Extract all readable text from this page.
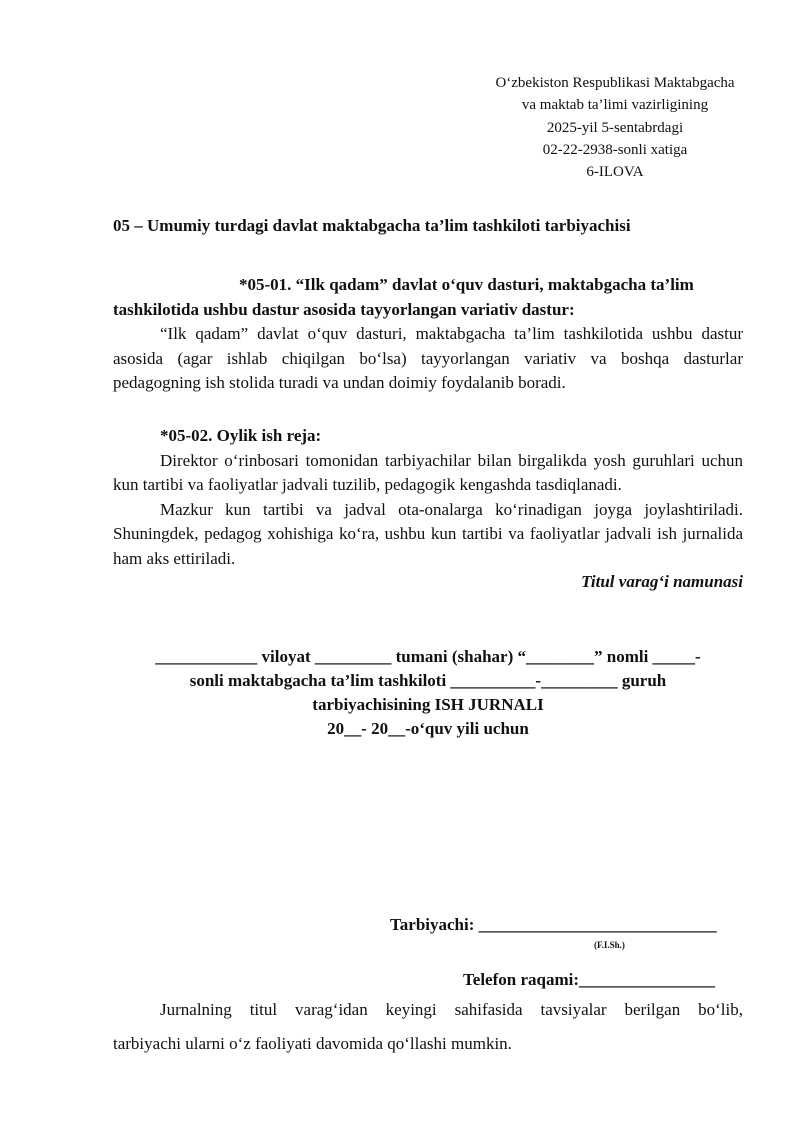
O‘zbekiston Respublikasi Maktabgacha
va maktab ta’limi vazirligining
2025-yil 5-sentabrdagi
02-22-2938-sonli xatiga
6-ILOVA
05 – Umumiy turdagi davlat maktabgacha ta’lim tashkiloti tarbiyachisi
*05-01. “Ilk qadam” davlat o‘quv dasturi, maktabgacha ta’lim
tashkilotida ushbu dastur asosida tayyorlangan variativ dastur:
“Ilk qadam” davlat o‘quv dasturi, maktabgacha ta’lim tashkilotida ushbu dastur asosida (agar ishlab chiqilgan bo‘lsa) tayyorlangan variativ va boshqa dasturlar pedagogning ish stolida turadi va undan doimiy foydalanib boradi.
*05-02. Oylik ish reja:
Direktor o‘rinbosari tomonidan tarbiyachilar bilan birgalikda yosh guruhlari uchun kun tartibi va faoliyatlar jadvali tuzilib, pedagogik kengashda tasdiqlanadi.
Mazkur kun tartibi va jadval ota-onalarga ko‘rinadigan joyga joylashtiriladi. Shuningdek, pedagog xohishiga ko‘ra, ushbu kun tartibi va faoliyatlar jadvali ish jurnalida ham aks ettiriladi.
Titul varag‘i namunasi
____________ viloyat _________ tumani (shahar) “________” nomli _____-
sonli maktabgacha ta’lim tashkiloti __________-_________ guruh
tarbiyachisining ISH JURNALI
20__- 20__-o‘quv yili uchun
Tarbiyachi: ____________________________
(F.I.Sh.)
Telefon raqami:________________
Jurnalning titul varag‘idan keyingi sahifasida tavsiyalar berilgan bo‘lib,
tarbiyachi ularni o‘z faoliyati davomida qo‘llashi mumkin.
